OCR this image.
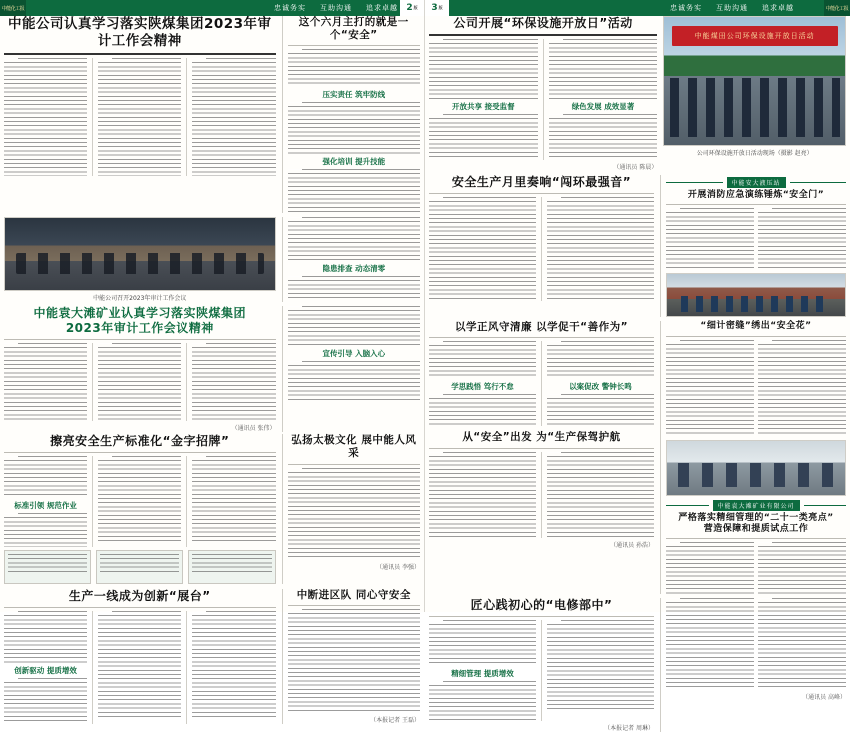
中能化工报	忠诚务实 互助沟通 追求卓越 2 版
中能公司认真学习落实陕煤集团2023年审计工作会精神
这个六月主打的就是一个“安全”
压实责任 筑牢防线
强化培训 提升技能
中能公司召开2023年审计工作会议
隐患排查 动态清零
中能袁大滩矿业认真学习落实陕煤集团
2023年审计工作会议精神
（通讯员 张伟）
宣传引导 入脑入心
擦亮安全生产标准化“金字招牌”
标准引领 规范作业
弘扬太极文化 展中能人风采
（通讯员 李强）
生产一线成为创新“展台”
创新驱动 提质增效
中断进区队 同心守安全
（本报记者 王磊）
3 版	忠诚务实 互助沟通 追求卓越	中能化工报
公司开展“环保设施开放日”活动
开放共享 接受监督	绿色发展 成效显著
（通讯员 陈晨）
中能煤田公司环保设施开放日活动
公司环保设施开放日活动现场（摄影 赵亮）
安全生产月里奏响“闯环最强音”	中能安大液压站
开展消防应急演练锤炼“安全门”
以学正风守清廉 以学促干“善作为”
学思践悟 笃行不怠	以案促改 警钟长鸣
从“安全”出发 为“生产保驾护航
（通讯员 孙浩）
“细计密缝”绣出“安全花”
中能袁大滩矿业有限公司
严格落实精细管理的“二十一类亮点”
营造保障和提质试点工作
匠心践初心的“电修部中”
精细管理 提质增效
（本报记者 周琳）
（通讯员 高峰）
